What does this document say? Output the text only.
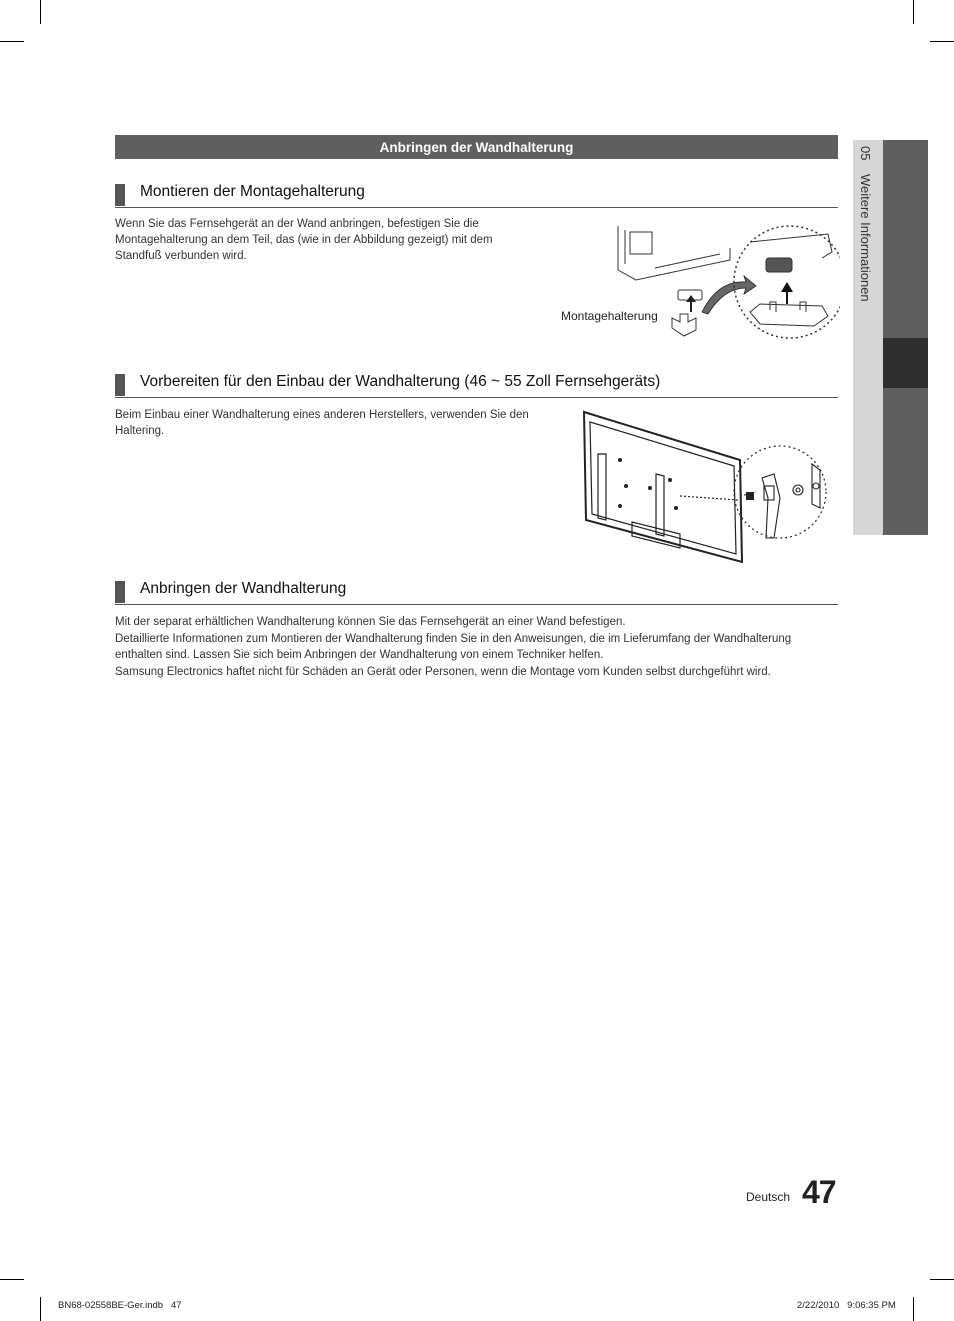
Anbringen der Wandhalterung	05 Weitere Informationen
Montieren der Montagehalterung

Wenn Sie das Fernsehgerät an der Wand anbringen, befestigen Sie die Montagehalterung an dem Teil, das (wie in der Abbildung gezeigt) mit dem Standfuß verbunden wird.

Montagehalterung
Vorbereiten für den Einbau der Wandhalterung (46 ~ 55 Zoll Fernsehgeräts)

Beim Einbau einer Wandhalterung eines anderen Herstellers, verwenden Sie den Haltering.

Anbringen der Wandhalterung

Mit der separat erhältlichen Wandhalterung können Sie das Fernsehgerät an einer Wand befestigen.

Detaillierte Informationen zum Montieren der Wandhalterung finden Sie in den Anweisungen, die im Lieferumfang der Wandhalterung enthalten sind. Lassen Sie sich beim Anbringen der Wandhalterung von einem Techniker helfen.

Samsung Electronics haftet nicht für Schäden an Gerät oder Personen, wenn die Montage vom Kunden selbst durchgeführt wird.

Deutsch 47
BN68-02558BE-Ger.indb   47	2/22/2010   9:06:35 PM
